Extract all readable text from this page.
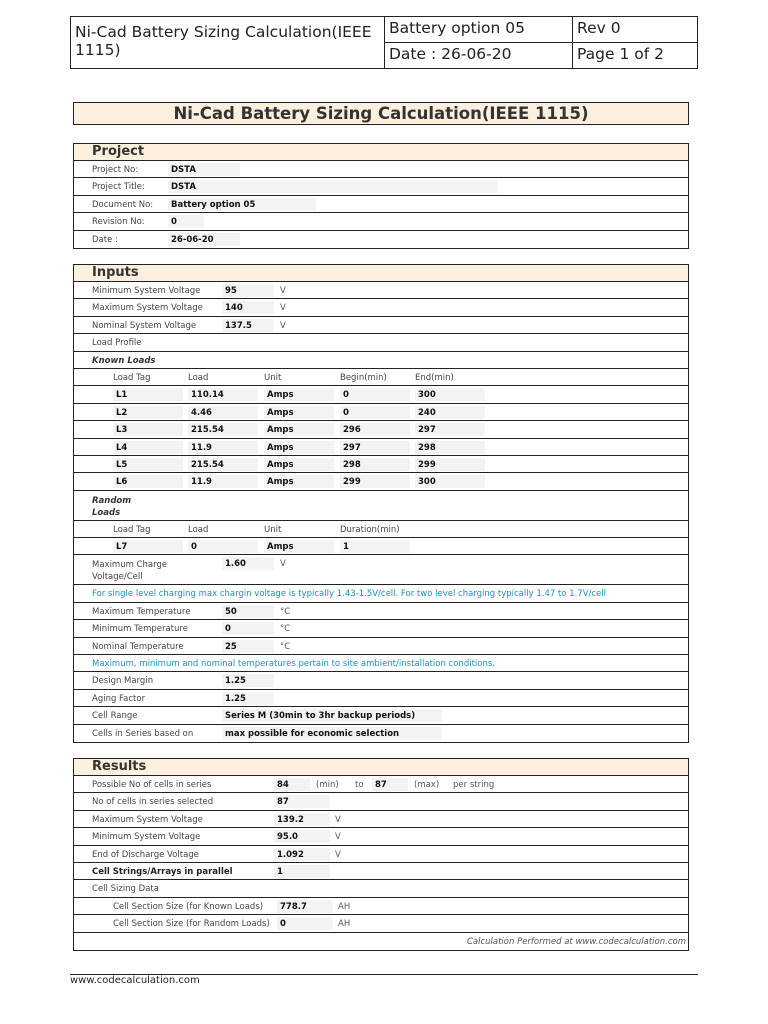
Ni-Cad Battery Sizing Calculation(IEEE 1115)
Battery option 05	Rev 0
Date : 26-06-20	Page 1 of 2
Ni-Cad Battery Sizing Calculation(IEEE 1115)
Project
Project No:	DSTA
Project Title:	DSTA
Document No:	Battery option 05
Revision No:	0
Date :	26-06-20
Inputs
Minimum System Voltage	95	V
Maximum System Voltage	140	V
Nominal System Voltage	137.5	V
Load Profile
Known Loads
Load Tag	Load	Unit	Begin(min)	End(min)
L1	110.14	Amps	0	300
L2	4.46	Amps	0	240
L3	215.54	Amps	296	297
L4	11.9	Amps	297	298
L5	215.54	Amps	298	299
L6	11.9	Amps	299	300
Random Loads
Load Tag	Load	Unit	Duration(min)
L7	0	Amps	1
Maximum Charge Voltage/Cell
1.60	V
For single level charging max chargin voltage is typically 1.43-1.5V/cell. For two level charging typically 1.47 to 1.7V/cell
Maximum Temperature	50	°C
Minimum Temperature	0	°C
Nominal Temperature	25	°C
Maximum, minimum and nominal temperatures pertain to site ambient/installation conditions.
Design Margin	1.25
Aging Factor	1.25
Cell Range	Series M (30min to 3hr backup periods)
Cells in Series based on	max possible for economic selection
Results
Possible No of cells in series	84	(min) to	87	(max) per string
No of cells in series selected	87
Maximum System Voltage	139.2	V
Minimum System Voltage	95.0	V
End of Discharge Voltage	1.092	V
Cell Strings/Arrays in parallel	1
Cell Sizing Data
Cell Section Size (for Known Loads)	778.7	AH
Cell Section Size (for Random Loads)	0	AH
Calculation Performed at www.codecalculation.com
www.codecalculation.com
